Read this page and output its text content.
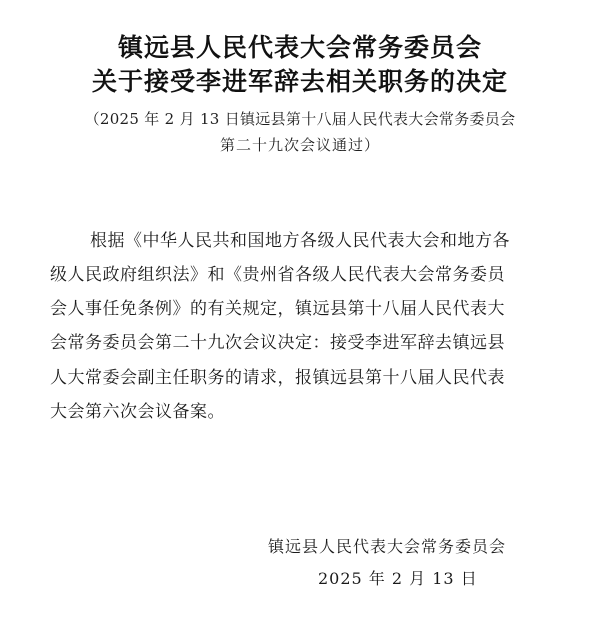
镇远县人民代表大会常务委员会
关于接受李进军辞去相关职务的决定
（2025 年 2 月 13 日镇远县第十八届人民代表大会常务委员会
第二十九次会议通过）
根据《中华人民共和国地方各级人民代表大会和地方各
级人民政府组织法》和《贵州省各级人民代表大会常务委员
会人事任免条例》的有关规定，镇远县第十八届人民代表大
会常务委员会第二十九次会议决定：接受李进军辞去镇远县
人大常委会副主任职务的请求，报镇远县第十八届人民代表
大会第六次会议备案。
镇远县人民代表大会常务委员会
2025 年 2 月 13 日
